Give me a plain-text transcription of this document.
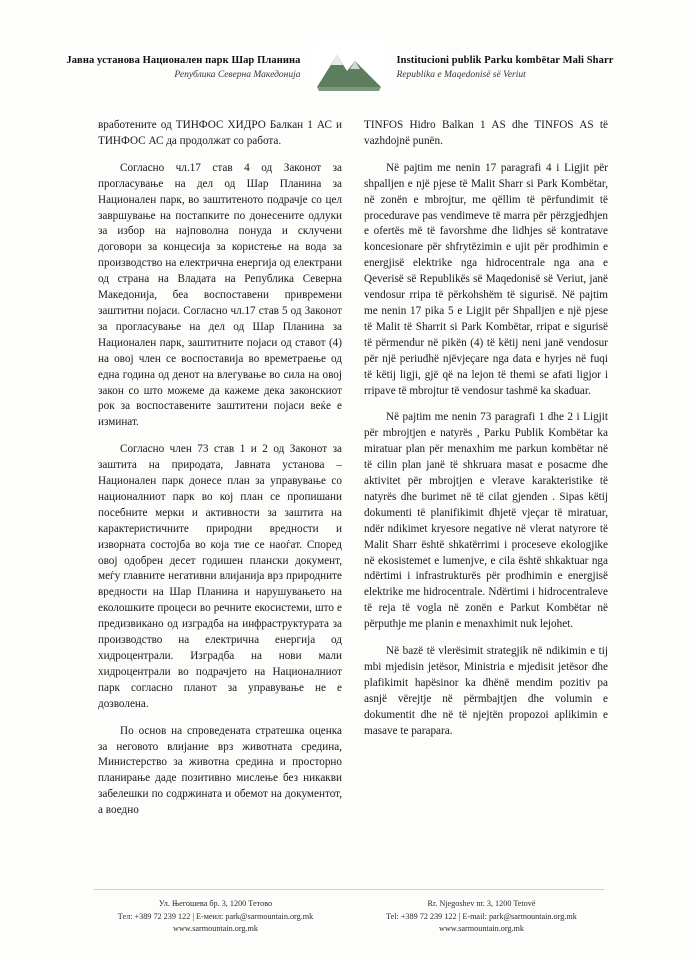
Јавна установа Национален парк Шар Планина
Република Северна Македонија
Institucioni publik Parku kombëtar Mali Sharr
Republika e Maqedonisë së Veriut

вработените од ТИНФОС ХИДРО Балкан 1 АС и ТИНФОС АС да продолжат со работа.

Согласно чл.17 став 4 од Законот за прогласување на дел од Шар Планина за Национален парк, во заштитеното подрачје со цел завршување на постапките по донесените одлуки за избор на најповолна понуда и склучени договори за концесија за користење на вода за производство на електрична енергија од електрани од страна на Владата на Република Северна Македонија, беа воспоставени привремени заштитни појаси. Согласно чл.17 став 5 од Законот за прогласување на дел од Шар Планина за Национален парк, заштитните појаси од ставот (4) на овој член се воспоставија во времетраење од една година од денот на влегување во сила на овој закон со што можеме да кажеме дека законскиот рок за воспоставените заштитени појаси веќе е изминат.

Согласно член 73 став 1 и 2 од Законот за заштита на природата, Јавната установа – Национален парк донесе план за управување со националниот парк во кој план се пропишани посебните мерки и активности за заштита на карактеристичните природни вредности и изворната состојба во која тие се наоѓат. Според овој одобрен десет годишен плански документ, меѓу главните негативни влијанија врз природните вредности на Шар Планина и нарушувањето на еколошките процеси во речните екосистеми, што е предизвикано од изградба на инфраструктурата за производство на електрична енергија од хидроцентрали. Изградба на нови мали хидроцентрали во подрачјето на Националниот парк согласно планот за управување не е дозволена.

По основ на спроведената стратешка оценка за неговото влијание врз животната средина, Министерство за животна средина и просторно планирање даде позитивно мислење без никакви забелешки по содржината и обемот на документот, а воедно

TINFOS Hidro Balkan 1 AS dhe TINFOS AS të vazhdojnë punën.

Në pajtim me nenin 17 paragrafi 4 i Ligjit për shpalljen e një pjese të Malit Sharr si Park Kombëtar, në zonën e mbrojtur, me qëllim të përfundimit të procedurave pas vendimeve të marra për përzgjedhjen e ofertës më të favorshme dhe lidhjes së kontratave koncesionare për shfrytëzimin e ujit për prodhimin e energjisë elektrike nga hidrocentrale nga ana e Qeverisë së Republikës së Maqedonisë së Veriut, janë vendosur rripa të përkohshëm të sigurisë. Në pajtim me nenin 17 pika 5 e Ligjit për Shpalljen e një pjese të Malit të Sharrit si Park Kombëtar, rripat e sigurisë të përmendur në pikën (4) të këtij neni janë vendosur për një periudhë njëvjeçare nga data e hyrjes në fuqi të këtij ligji, gjë që na lejon të themi se afati ligjor i rripave të mbrojtur të vendosur tashmë ka skaduar.

Në pajtim me nenin 73 paragrafi 1 dhe 2 i Ligjit për mbrojtjen e natyrës , Parku Publik Kombëtar ka miratuar plan për menaxhim me parkun kombëtar në të cilin plan janë të shkruara masat e posacme dhe aktivitet për mbrojtjen e vlerave karakteristike të natyrës dhe burimet në të cilat gjenden . Sipas këtij dokumenti të planifikimit dhjetë vjeçar të miratuar, ndër ndikimet kryesore negative në vlerat natyrore të Malit Sharr është shkatërrimi i proceseve ekologjike në ekosistemet e lumenjve, e cila është shkaktuar nga ndërtimi i infrastrukturës për prodhimin e energjisë elektrike me hidrocentrale. Ndërtimi i hidrocentraleve të reja të vogla në zonën e Parkut Kombëtar në përputhje me planin e menaxhimit nuk lejohet.

Në bazë të vlerësimit strategjik në ndikimin e tij mbi mjedisin jetësor, Ministria e mjedisit jetësor dhe plafikimit hapësinor ka dhënë mendim pozitiv pa asnjë vërejtje në përmbajtjen dhe volumin e dokumentit dhe në të njejtën propozoi aplikimin e masave te parapara.

Ул. Његошева бр. 3, 1200 Тетово
Тел: +389 72 239 122 | Е-меил: park@sarmountain.org.mk
www.sarmountain.org.mk
Rr. Njegoshev nr. 3, 1200 Tetovë
Tel: +389 72 239 122 | E-mail: park@sarmountain.org.mk
www.sarmountain.org.mk
